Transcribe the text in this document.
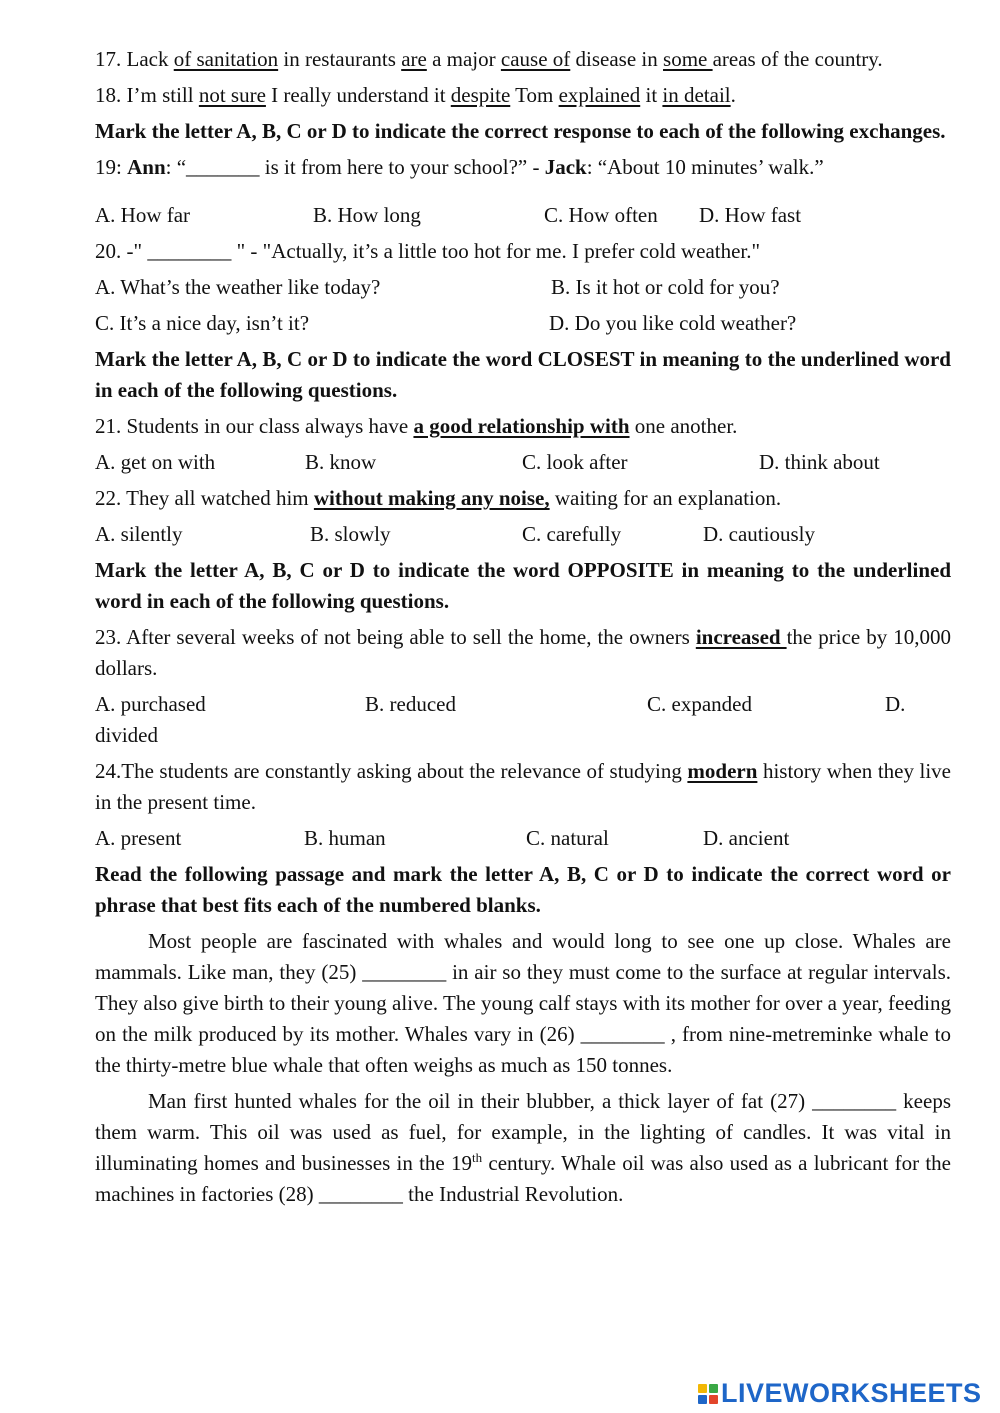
17. Lack of sanitation in restaurants are a major cause of disease in some areas of the country.
18. I’m still not sure I really understand it despite Tom explained it in detail.
Mark the letter A, B, C or D to indicate the correct response to each of the following exchanges.
19: Ann: “_______ is it from here to your school?” - Jack: “About 10 minutes’ walk.”
A. How far	B. How long	C. How often D. How fast
20. -" ________ " - "Actually, it’s a little too hot for me. I prefer cold weather."
A. What’s the weather like today?	B. Is it hot or cold for you?
C. It’s a nice day, isn’t it?	D. Do you like cold weather?
Mark the letter A, B, C or D to indicate the word CLOSEST in meaning to the underlined word in each of the following questions.
21. Students in our class always have a good relationship with one another.
A. get on with	B. know	C. look after	D. think about
22. They all watched him without making any noise, waiting for an explanation.
A. silently	B. slowly	C. carefully	D. cautiously
Mark the letter A, B, C or D to indicate the word OPPOSITE in meaning to the underlined word in each of the following questions.
23. After several weeks of not being able to sell the home, the owners increased the price by 10,000 dollars.
A. purchased	B. reduced	C. expanded	D.
divided
24.The students are constantly asking about the relevance of studying modern history when they live in the present time.
A. present	B. human	C. natural	D. ancient
Read the following passage and mark the letter A, B, C or D to indicate the correct word or phrase that best fits each of the numbered blanks.
Most people are fascinated with whales and would long to see one up close. Whales are mammals. Like man, they (25) ________ in air so they must come to the surface at regular intervals. They also give birth to their young alive. The young calf stays with its mother for over a year, feeding on the milk produced by its mother. Whales vary in (26) ________ , from nine-metreminke whale to the thirty-metre blue whale that often weighs as much as 150 tonnes.
Man first hunted whales for the oil in their blubber, a thick layer of fat (27) ________ keeps them warm. This oil was used as fuel, for example, in the lighting of candles. It was vital in illuminating homes and businesses in the 19th century. Whale oil was also used as a lubricant for the machines in factories (28) ________ the Industrial Revolution.
LIVEWORKSHEETS
